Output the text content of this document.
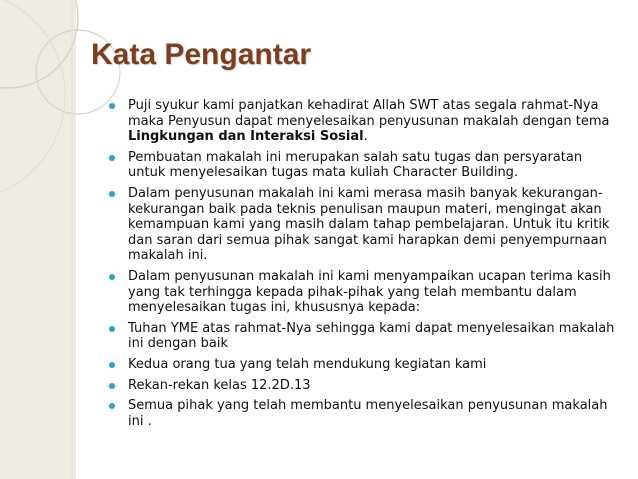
Kata Pengantar
Puji syukur kami panjatkan kehadirat Allah SWT atas segala rahmat-Nya maka Penyusun dapat menyelesaikan penyusunan makalah dengan tema Lingkungan dan Interaksi Sosial.
Pembuatan makalah ini merupakan salah satu tugas dan persyaratan untuk menyelesaikan tugas mata kuliah Character Building.
Dalam penyusunan makalah ini kami merasa masih banyak kekurangan-kekurangan baik pada teknis penulisan maupun materi, mengingat akan kemampuan kami yang masih dalam tahap pembelajaran. Untuk itu kritik dan saran dari semua pihak sangat kami harapkan demi penyempurnaan makalah ini.
Dalam penyusunan makalah ini kami menyampaikan ucapan terima kasih yang tak terhingga kepada pihak-pihak yang telah membantu dalam menyelesaikan tugas ini, khususnya kepada:
Tuhan YME atas rahmat-Nya sehingga kami dapat menyelesaikan makalah ini dengan baik
Kedua orang tua yang telah mendukung kegiatan kami
Rekan-rekan kelas 12.2D.13
Semua pihak yang telah membantu menyelesaikan penyusunan makalah ini .
